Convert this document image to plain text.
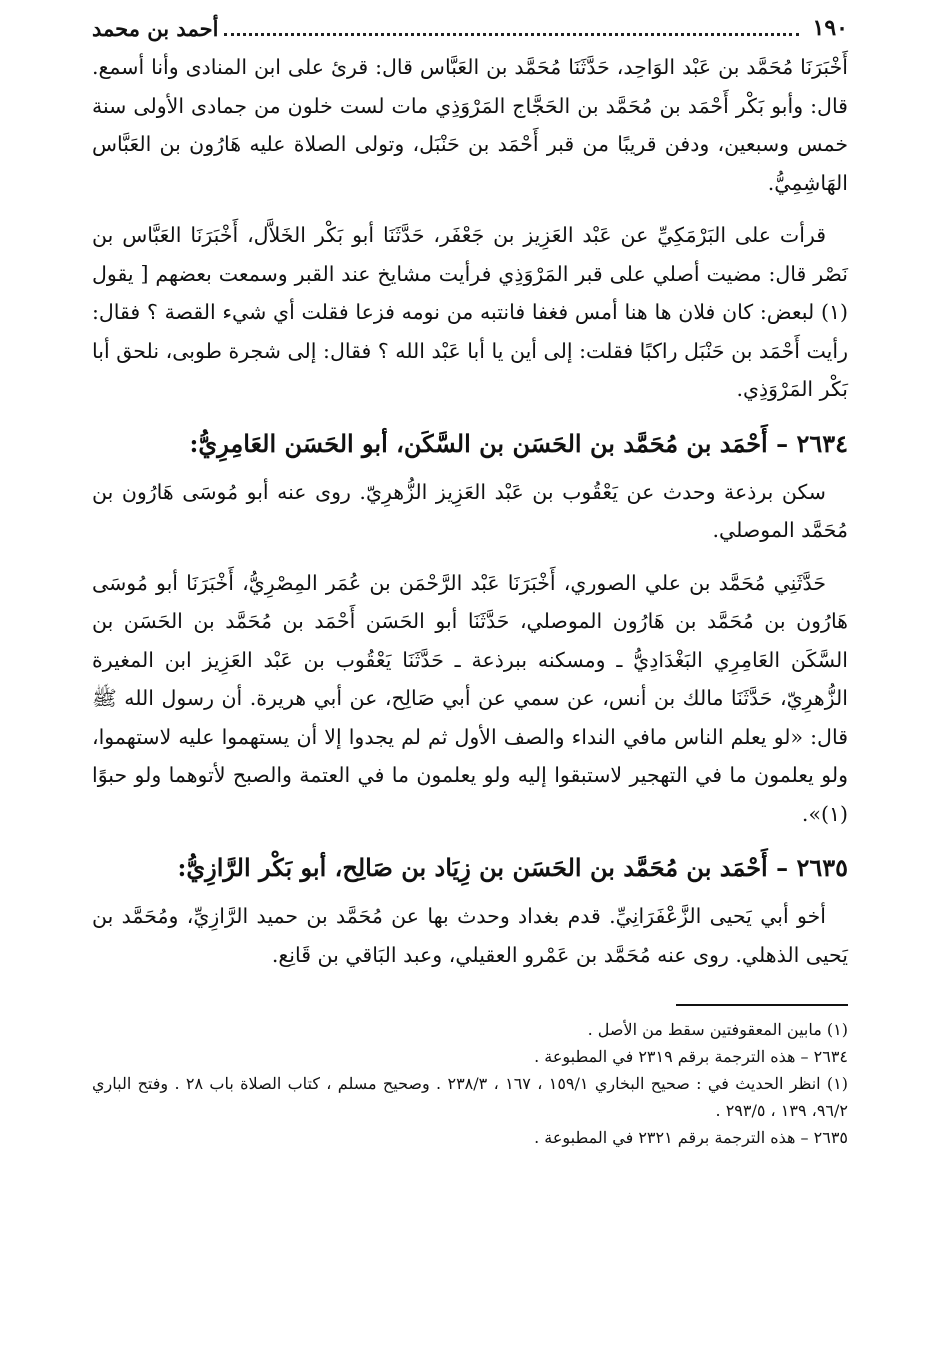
١٩٠
أحمد بن محمد

أَخْبَرَنَا مُحَمَّد بن عَبْد الوَاحِد، حَدَّثَنَا مُحَمَّد بن العَبَّاس قال: قرئ على ابن المنادى وأنا أسمع. قال: وأبو بَكْر أَحْمَد بن مُحَمَّد بن الحَجَّاج المَرْوَذِي مات لست خلون من جمادى الأولى سنة خمس وسبعين، ودفن قريبًا من قبر أَحْمَد بن حَنْبَل، وتولى الصلاة عليه هَارُون بن العَبَّاس الهَاشِمِيُّ.

قرأت على البَرْمَكِيِّ عن عَبْد العَزِيز بن جَعْفَر، حَدَّثَنَا أبو بَكْر الخَلاَّل، أَخْبَرَنَا العَبَّاس بن نَصْر قال: مضيت أصلي على قبر المَرْوَذِي فرأيت مشايخ عند القبر وسمعت بعضهم [ يقول (١) لبعض: كان فلان ها هنا أمس فغفا فانتبه من نومه فزعا فقلت أي شيء القصة ؟ فقال: رأيت أَحْمَد بن حَنْبَل راكبًا فقلت: إلى أين يا أبا عَبْد الله ؟ فقال: إلى شجرة طوبى، نلحق أبا بَكْر المَرْوَذِي.

٢٦٣٤ – أَحْمَد بن مُحَمَّد بن الحَسَن بن السَّكَن، أبو الحَسَن العَامِرِيُّ:

سكن برذعة وحدث عن يَعْقُوب بن عَبْد العَزِيز الزُّهرِيّ. روى عنه أبو مُوسَى هَارُون بن مُحَمَّد الموصلي.

حَدَّثَنِي مُحَمَّد بن علي الصوري، أَخْبَرَنَا عَبْد الرَّحْمَن بن عُمَر المِصْرِيُّ، أَخْبَرَنَا أبو مُوسَى هَارُون بن مُحَمَّد بن هَارُون الموصلي، حَدَّثَنَا أبو الحَسَن أَحْمَد بن مُحَمَّد بن الحَسَن بن السَّكَن العَامِرِي البَغْدَادِيُّ ـ ومسكنه ببرذعة ـ حَدَّثَنَا يَعْقُوب بن عَبْد العَزِيز ابن المغيرة الزُّهرِيّ، حَدَّثَنَا مالك بن أنس، عن سمي عن أبي صَالِح، عن أبي هريرة. أن رسول الله ﷺ قال: «لو يعلم الناس مافي النداء والصف الأول ثم لم يجدوا إلا أن يستهموا عليه لاستهموا، ولو يعلمون ما في التهجير لاستبقوا إليه ولو يعلمون ما في العتمة والصبح لأتوهما ولو حبوًا (١)».

٢٦٣٥ – أَحْمَد بن مُحَمَّد بن الحَسَن بن زِيَاد بن صَالِح، أبو بَكْر الرَّازِيُّ:

أخو أبي يَحيى الزَّعْفَرَانِيِّ. قدم بغداد وحدث بها عن مُحَمَّد بن حميد الرَّازِيِّ، ومُحَمَّد بن يَحيى الذهلي. روى عنه مُحَمَّد بن عَمْرو العقيلي، وعبد البَاقي بن قَانِع.

(١) مابين المعقوفتين سقط من الأصل .

٢٦٣٤ – هذه الترجمة برقم ٢٣١٩ في المطبوعة .

(١) انظر الحديث في : صحيح البخاري ١٥٩/١ ، ١٦٧ ، ٢٣٨/٣ . وصحيح مسلم ، كتاب الصلاة باب ٢٨ . وفتح الباري ٩٦/٢، ١٣٩ ، ٢٩٣/٥ .

٢٦٣٥ – هذه الترجمة برقم ٢٣٢١ في المطبوعة .
